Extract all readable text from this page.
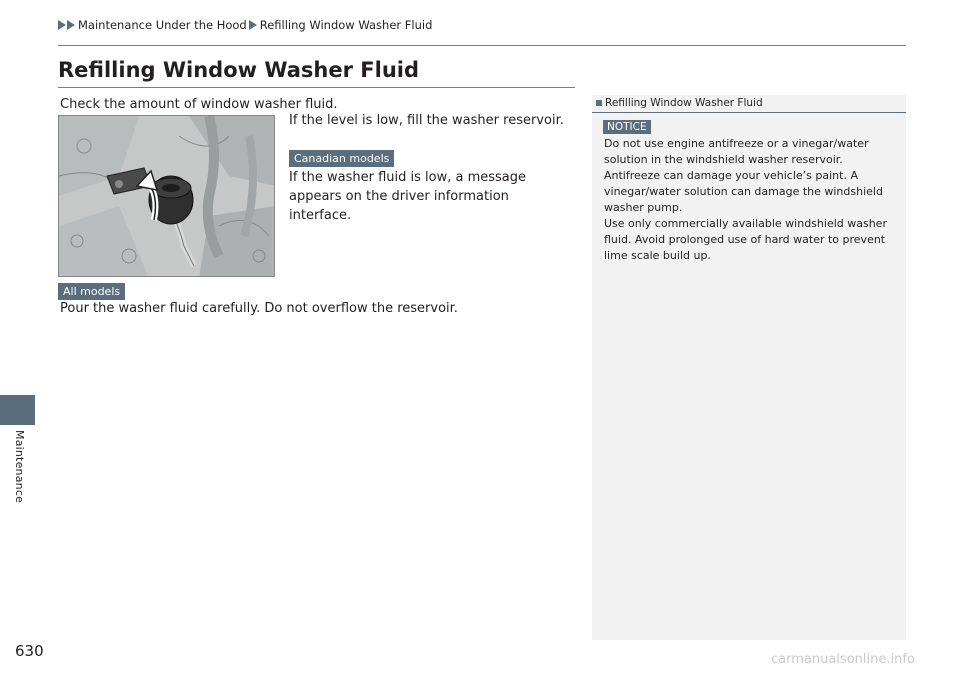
Maintenance Under the Hood Refilling Window Washer Fluid
Maintenance
Refilling Window Washer Fluid

Check the amount of window washer fluid.

If the level is low, fill the washer reservoir.

Canadian models

If the washer fluid is low, a message appears on the driver information interface.

All models

Pour the washer fluid carefully. Do not overflow the reservoir.

Refilling Window Washer Fluid
NOTICE
Do not use engine antifreeze or a vinegar/water
solution in the windshield washer reservoir.
Antifreeze can damage your vehicle’s paint. A
vinegar/water solution can damage the windshield
washer pump.
Use only commercially available windshield washer
fluid. Avoid prolonged use of hard water to prevent
lime scale build up.
630	carmanualsonline.info
